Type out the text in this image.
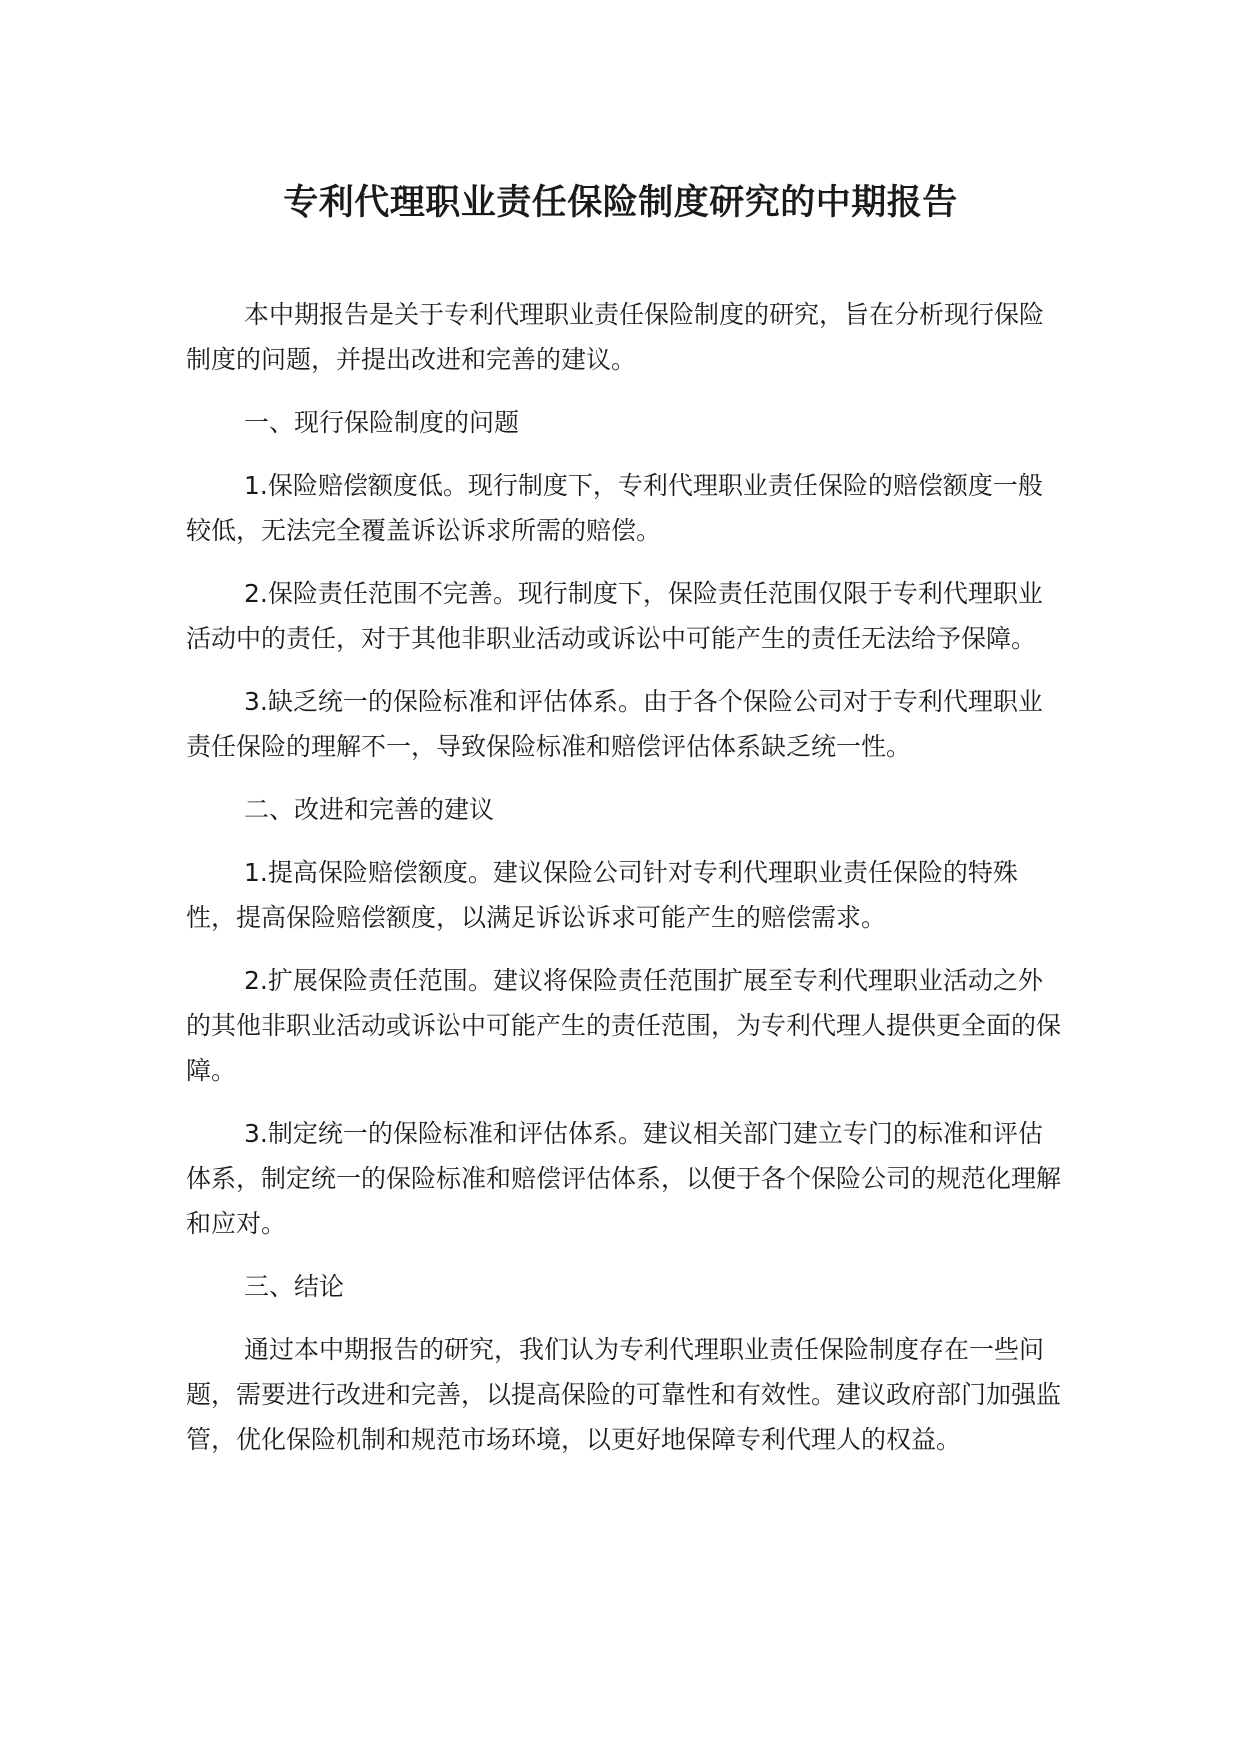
专利代理职业责任保险制度研究的中期报告

本中期报告是关于专利代理职业责任保险制度的研究，旨在分析现行保险制度的问题，并提出改进和完善的建议。

一、现行保险制度的问题

1.保险赔偿额度低。现行制度下，专利代理职业责任保险的赔偿额度一般较低，无法完全覆盖诉讼诉求所需的赔偿。

2.保险责任范围不完善。现行制度下，保险责任范围仅限于专利代理职业活动中的责任，对于其他非职业活动或诉讼中可能产生的责任无法给予保障。

3.缺乏统一的保险标准和评估体系。由于各个保险公司对于专利代理职业责任保险的理解不一，导致保险标准和赔偿评估体系缺乏统一性。

二、改进和完善的建议

1.提高保险赔偿额度。建议保险公司针对专利代理职业责任保险的特殊性，提高保险赔偿额度，以满足诉讼诉求可能产生的赔偿需求。

2.扩展保险责任范围。建议将保险责任范围扩展至专利代理职业活动之外的其他非职业活动或诉讼中可能产生的责任范围，为专利代理人提供更全面的保障。

3.制定统一的保险标准和评估体系。建议相关部门建立专门的标准和评估体系，制定统一的保险标准和赔偿评估体系，以便于各个保险公司的规范化理解和应对。

三、结论

通过本中期报告的研究，我们认为专利代理职业责任保险制度存在一些问题，需要进行改进和完善，以提高保险的可靠性和有效性。建议政府部门加强监管，优化保险机制和规范市场环境，以更好地保障专利代理人的权益。
